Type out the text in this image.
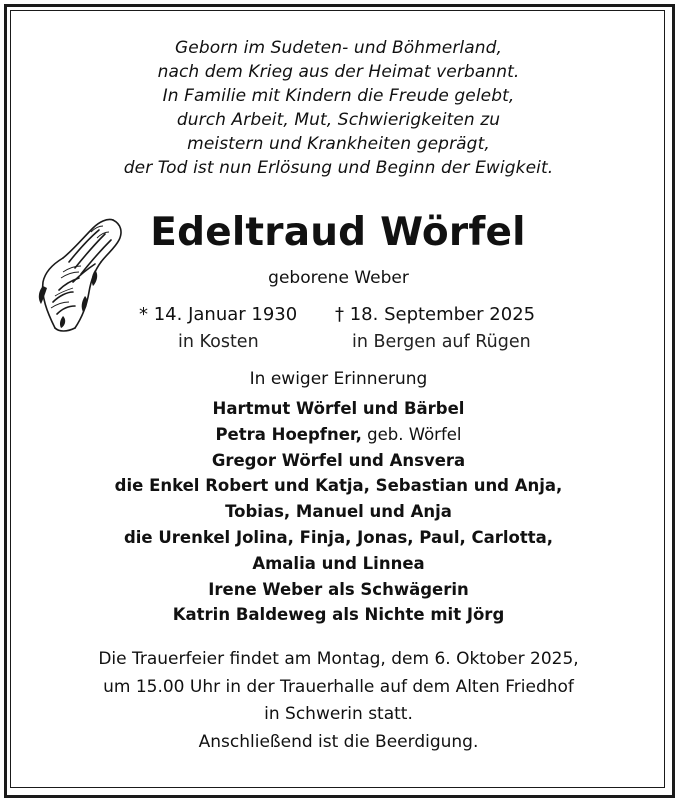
Geborn im Sudeten- und Böhmerland,
nach dem Krieg aus der Heimat verbannt.
In Familie mit Kindern die Freude gelebt,
durch Arbeit, Mut, Schwierigkeiten zu
meistern und Krankheiten geprägt,
der Tod ist nun Erlösung und Beginn der Ewigkeit.
Edeltraud Wörfel
geborene Weber
* 14. Januar 1930 † 18. September 2025
in Kosten	in Bergen auf Rügen
In ewiger Erinnerung
Hartmut Wörfel und Bärbel
Petra Hoepfner, geb. Wörfel
Gregor Wörfel und Ansvera
die Enkel Robert und Katja, Sebastian und Anja,
Tobias, Manuel und Anja
die Urenkel Jolina, Finja, Jonas, Paul, Carlotta,
Amalia und Linnea
Irene Weber als Schwägerin
Katrin Baldeweg als Nichte mit Jörg
Die Trauerfeier findet am Montag, dem 6. Oktober 2025,
um 15.00 Uhr in der Trauerhalle auf dem Alten Friedhof
in Schwerin statt.
Anschließend ist die Beerdigung.
